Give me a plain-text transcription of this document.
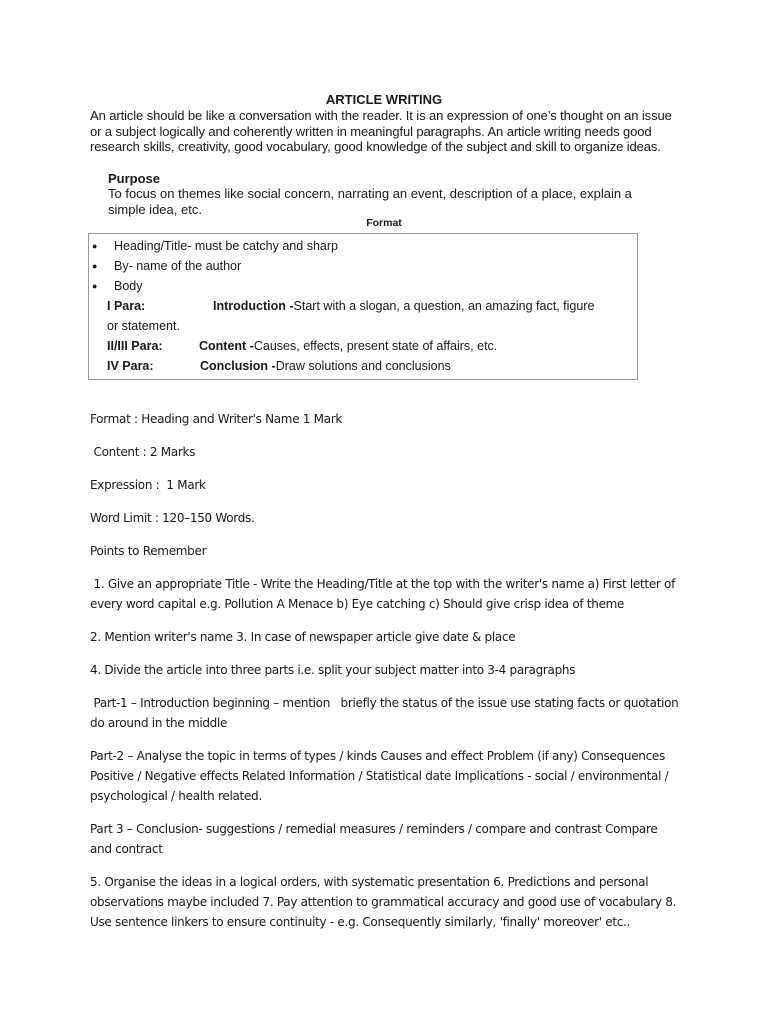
ARTICLE WRITING
An article should be like a conversation with the reader. It is an expression of one’s thought on an issue or a subject logically and coherently written in meaningful paragraphs. An article writing needs good research skills, creativity, good vocabulary, good knowledge of the subject and skill to organize ideas.
Purpose
To focus on themes like social concern, narrating an event, description of a place, explain a simple idea, etc.
Format
● Heading/Title- must be catchy and sharp
● By- name of the author
● Body
I Para:	Introduction -Start with a slogan, a question, an amazing fact, figure
or statement.
II/III Para:	Content -Causes, effects, present state of affairs, etc.
IV Para:	Conclusion -Draw solutions and conclusions
Format : Heading and Writer's Name 1 Mark
Content : 2 Marks
Expression :  1 Mark
Word Limit : 120–150 Words.
Points to Remember
1. Give an appropriate Title - Write the Heading/Title at the top with the writer's name a) First letter of every word capital e.g. Pollution A Menace b) Eye catching c) Should give crisp idea of theme
2. Mention writer's name 3. In case of newspaper article give date & place
4. Divide the article into three parts i.e. split your subject matter into 3-4 paragraphs
Part-1 – Introduction beginning – mention   briefly the status of the issue use stating facts or quotation do around in the middle
Part-2 – Analyse the topic in terms of types / kinds Causes and effect Problem (if any) Consequences Positive / Negative effects Related Information / Statistical date Implications - social / environmental / psychological / health related.
Part 3 – Conclusion- suggestions / remedial measures / reminders / compare and contrast Compare and contract
5. Organise the ideas in a logical orders, with systematic presentation 6. Predictions and personal observations maybe included 7. Pay attention to grammatical accuracy and good use of vocabulary 8. Use sentence linkers to ensure continuity - e.g. Consequently similarly, 'finally' moreover' etc..
